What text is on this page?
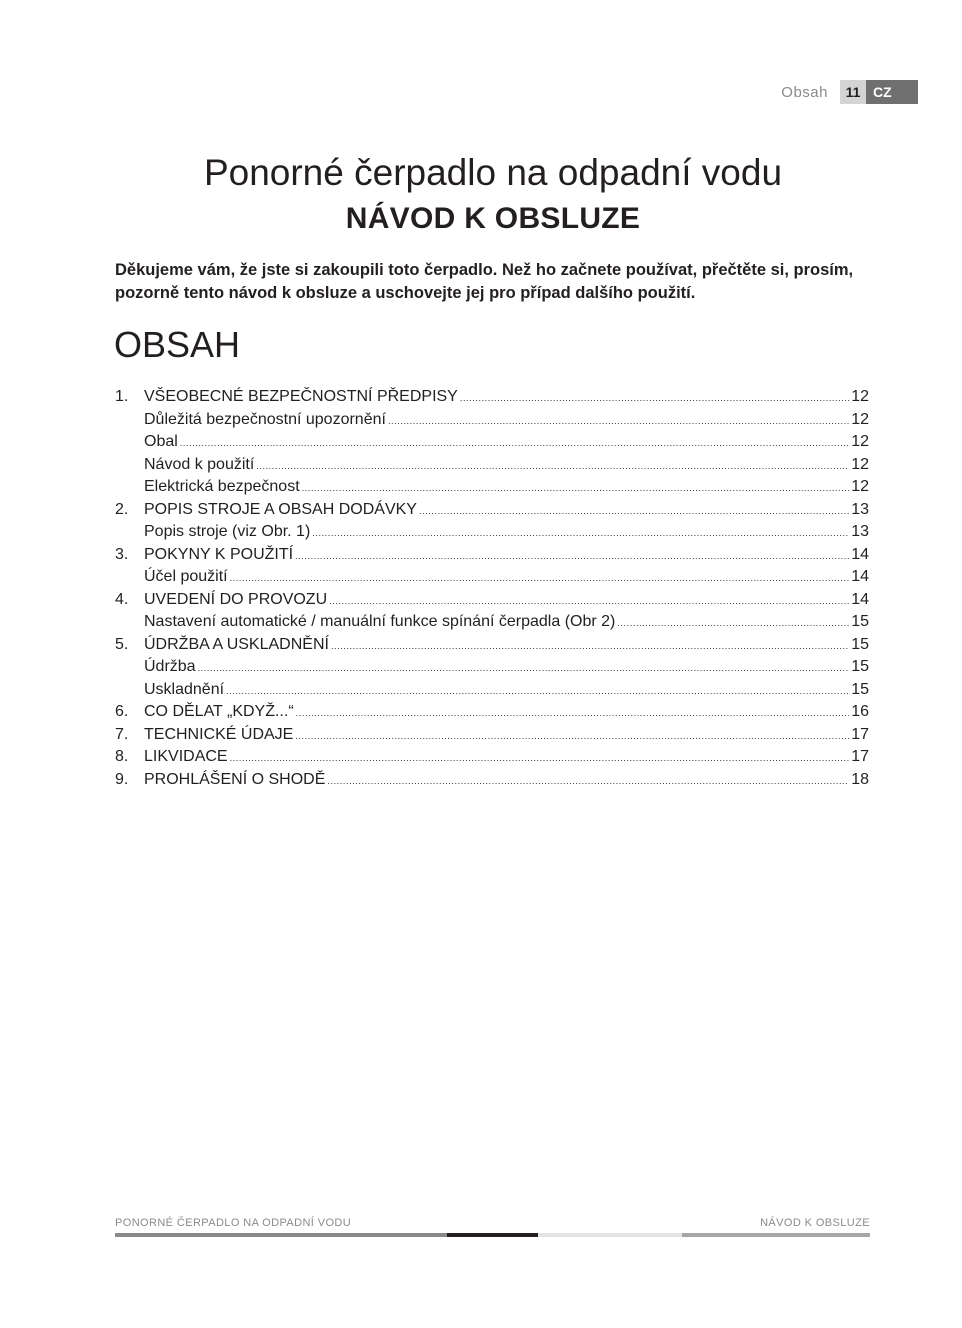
Obsah	11 CZ
Ponorné čerpadlo na odpadní vodu
NÁVOD K OBSLUZE

Děkujeme vám, že jste si zakoupili toto čerpadlo. Než ho začnete používat, přečtěte si, prosím, pozorně tento návod k obsluze a uschovejte jej pro případ dalšího použití.

OBSAH
1. VŠEOBECNÉ BEZPEČNOSTNÍ PŘEDPISY .....	12
Důležitá bezpečnostní upozornění .....	12
Obal .....	12
Návod k použití .....	12
Elektrická bezpečnost .....	12
2. POPIS STROJE A OBSAH DODÁVKY .....	13
Popis stroje (viz Obr. 1) .....	13
3. POKYNY K POUŽITÍ .....	14
Účel použití .....	14
4. UVEDENÍ DO PROVOZU .....	14
Nastavení automatické / manuální funkce spínání čerpadla (Obr 2) .....	15
5. ÚDRŽBA A USKLADNĚNÍ .....	15
Údržba .....	15
Uskladnění .....	15
6. CO DĚLAT „KDYŽ...“ .....	16
7. TECHNICKÉ ÚDAJE .....	17
8. LIKVIDACE .....	17
9. PROHLÁŠENÍ O SHODĚ .....	18
PONORNÉ ČERPADLO NA ODPADNÍ VODU	NÁVOD K OBSLUZE
